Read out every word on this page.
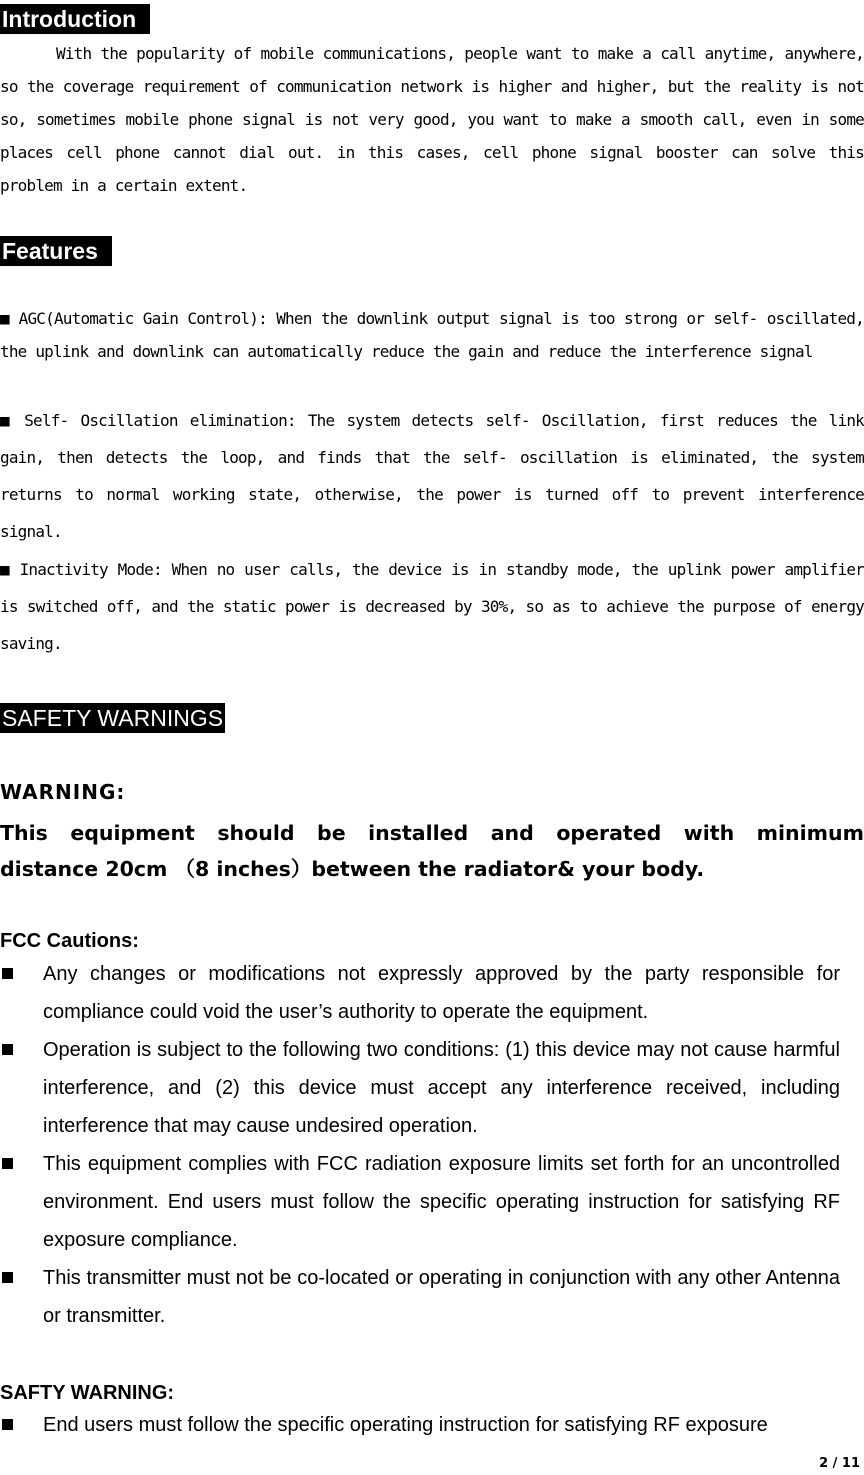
Introduction
With the popularity of mobile communications, people want to make a call anytime, anywhere, so the coverage requirement of communication network is higher and higher, but the reality is not so, sometimes mobile phone signal is not very good, you want to make a smooth call, even in some places cell phone cannot dial out. in this cases, cell phone signal booster can solve this problem in a certain extent.
Features
■ AGC(Automatic Gain Control): When the downlink output signal is too strong or self- oscillated, the uplink and downlink can automatically reduce the gain and reduce the interference signal
■ Self- Oscillation elimination: The system detects self- Oscillation, first reduces the link gain, then detects the loop, and finds that the self- oscillation is eliminated, the system returns to normal working state, otherwise, the power is turned off to prevent interference signal.
■ Inactivity Mode: When no user calls, the device is in standby mode, the uplink power amplifier is switched off, and the static power is decreased by 30%, so as to achieve the purpose of energy saving.
SAFETY WARNINGS
WARNING:
This equipment should be installed and operated with minimum
distance 20cm （8 inches）between the radiator& your body.
FCC Cautions:
Any changes or modifications not expressly approved by the party responsible for compliance could void the user’s authority to operate the equipment.
Operation is subject to the following two conditions: (1) this device may not cause harmful interference, and (2) this device must accept any interference received, including interference that may cause undesired operation.
This equipment complies with FCC radiation exposure limits set forth for an uncontrolled environment. End users must follow the specific operating instruction for satisfying RF exposure compliance.
This transmitter must not be co-located or operating in conjunction with any other Antenna or transmitter.
SAFTY WARNING:
End users must follow the specific operating instruction for satisfying RF exposure
2 / 11
